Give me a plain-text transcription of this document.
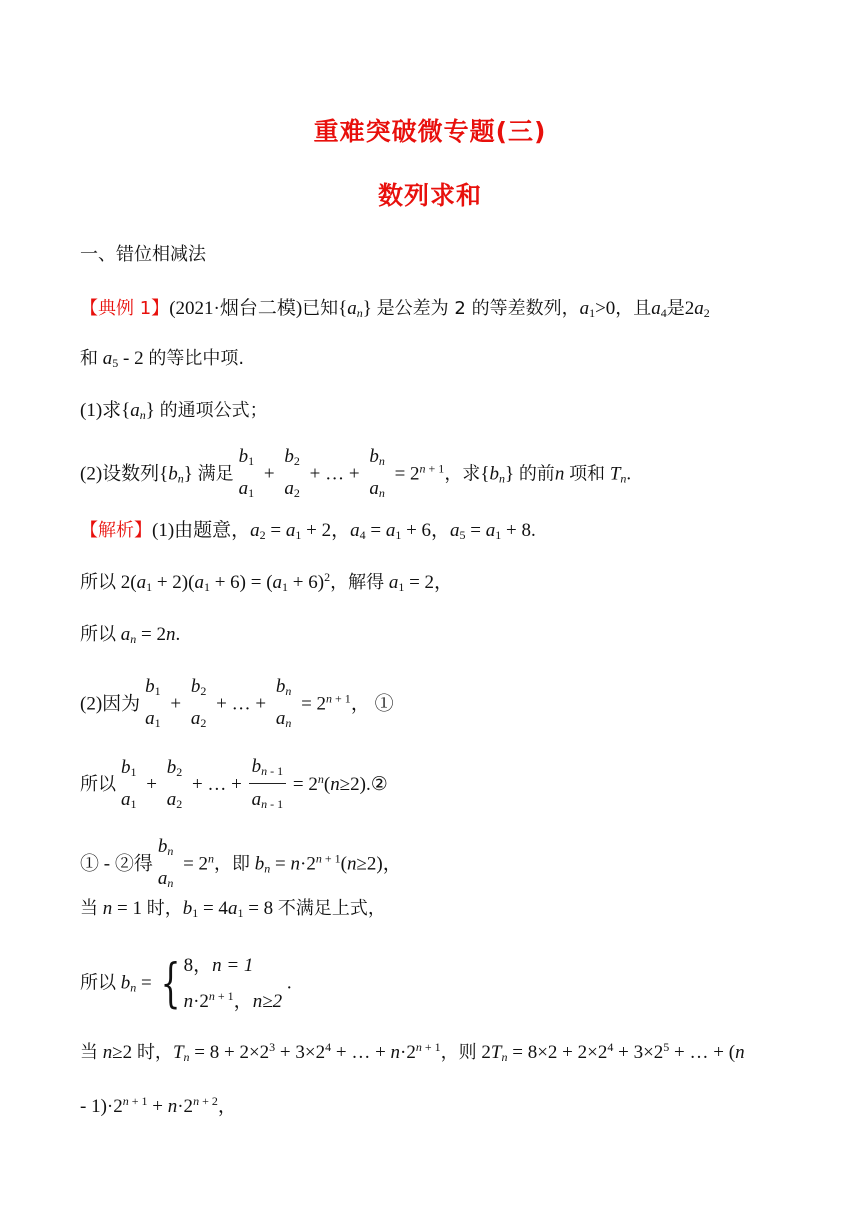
重难突破微专题(三)
数列求和
一、错位相减法
【典例 1】(2021·烟台二模)已知$\{a_n\}$ 是公差为 2 的等差数列，$a_1>0$，且$a_4$是$2a_2$
和 $a_5 - 2$ 的等比中项.
(1)求$\{a_n\}$ 的通项公式；
(2)设数列$\{b_n\}$ 满足
$b_1$
$a_1$
+
$b_2$
$a_2$
+ … +
$b_n$
$a_n$
= $2^{n + 1}$，求$\{b_n\}$ 的前n 项和 $T_n$.
【解析】(1)由题意，$a_2 = a_1 + 2$，$a_4 = a_1 + 6$，$a_5 = a_1 + 8$.
所以 $2(a_1 + 2)(a_1 + 6) = (a_1 + 6)^2$，解得 $a_1 = 2$，
所以 $a_n = 2n$.
(2)因为
$b_1$
$a_1$
+
$b_2$
$a_2$
+ … +
$b_n$
$a_n$
= $2^{n + 1}$， ①
所以
$b_1$
$a_1$
+
$b_2$
$a_2$
+ … + $\frac{b_{n - 1}}{a_{n - 1}}$ = $2^n(n\ge 2).②$
① - ②得
$b_n$
$a_n$
= $2^n$，即 $b_n = n\cdot 2^{n + 1}(n\ge 2)$，
当 n = 1 时，$b_1 = 4a_1 = 8$ 不满足上式，
所以 $b_n$ = { 8，n = 1
$n\cdot 2^{n + 1}$，n≥2
.
当 n≥2 时，$T_n = 8 + 2\times 2^3 + 3\times 2^4$ + … + $n\cdot 2^{n + 1}$，则 $2T_n = 8\times 2 + 2\times 2^4 + 3\times 2^5$ + … + (n
- $1)\cdot 2^{n + 1} + n\cdot 2^{n + 2}$，
